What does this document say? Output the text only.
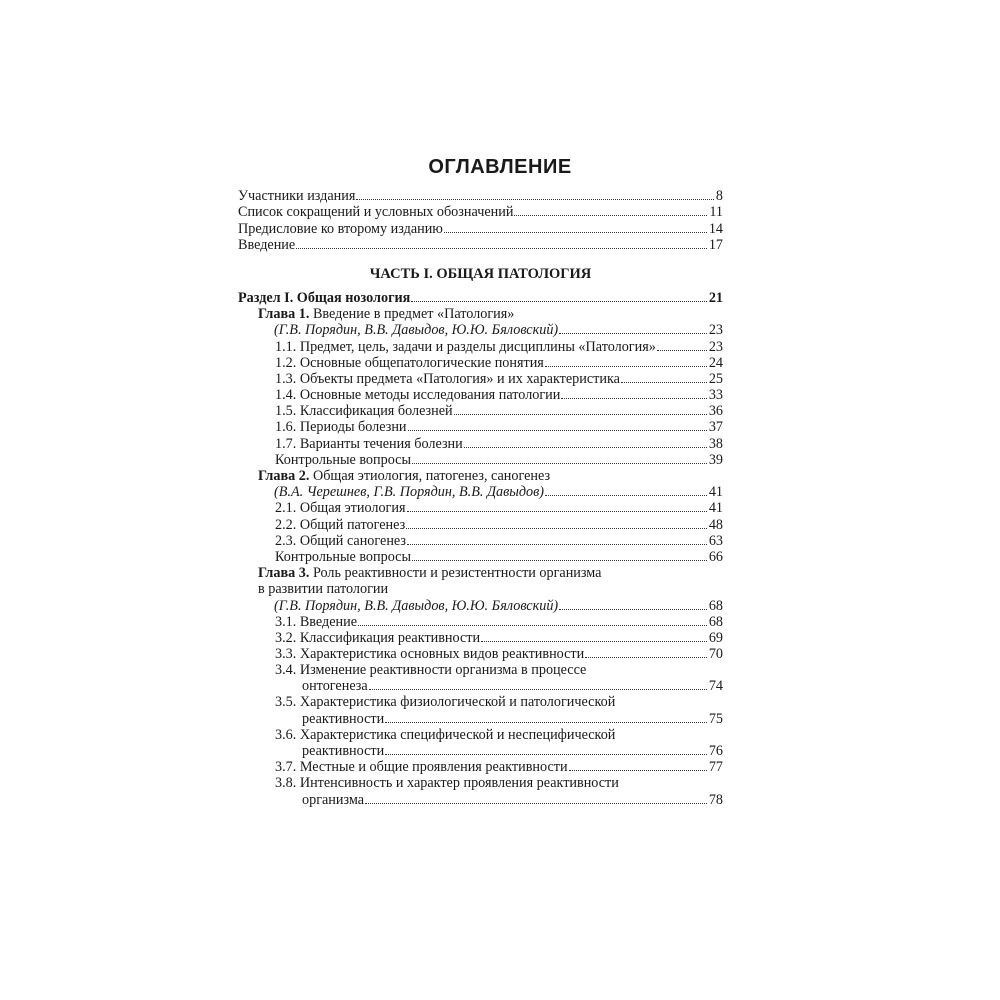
ОГЛАВЛЕНИЕ
Участники издания	8
Список сокращений и условных обозначений	11
Предисловие ко второму изданию	14
Введение	17
ЧАСТЬ I. ОБЩАЯ ПАТОЛОГИЯ
Раздел I. Общая нозология	21
Глава 1. Введение в предмет «Патология»
(Г.В. Порядин, В.В. Давыдов, Ю.Ю. Бяловский)	23
1.1. Предмет, цель, задачи и разделы дисциплины «Патология»	23
1.2. Основные общепатологические понятия	24
1.3. Объекты предмета «Патология» и их характеристика	25
1.4. Основные методы исследования патологии	33
1.5. Классификация болезней	36
1.6. Периоды болезни	37
1.7. Варианты течения болезни	38
Контрольные вопросы	39
Глава 2. Общая этиология, патогенез, саногенез
(В.А. Черешнев, Г.В. Порядин, В.В. Давыдов)	41
2.1. Общая этиология	41
2.2. Общий патогенез	48
2.3. Общий саногенез	63
Контрольные вопросы	66
Глава 3. Роль реактивности и резистентности организма
в развитии патологии
(Г.В. Порядин, В.В. Давыдов, Ю.Ю. Бяловский)	68
3.1. Введение	68
3.2. Классификация реактивности	69
3.3. Характеристика основных видов реактивности	70
3.4. Изменение реактивности организма в процессе
онтогенеза	74
3.5. Характеристика физиологической и патологической
реактивности	75
3.6. Характеристика специфической и неспецифической
реактивности	76
3.7. Местные и общие проявления реактивности	77
3.8. Интенсивность и характер проявления реактивности
организма	78
